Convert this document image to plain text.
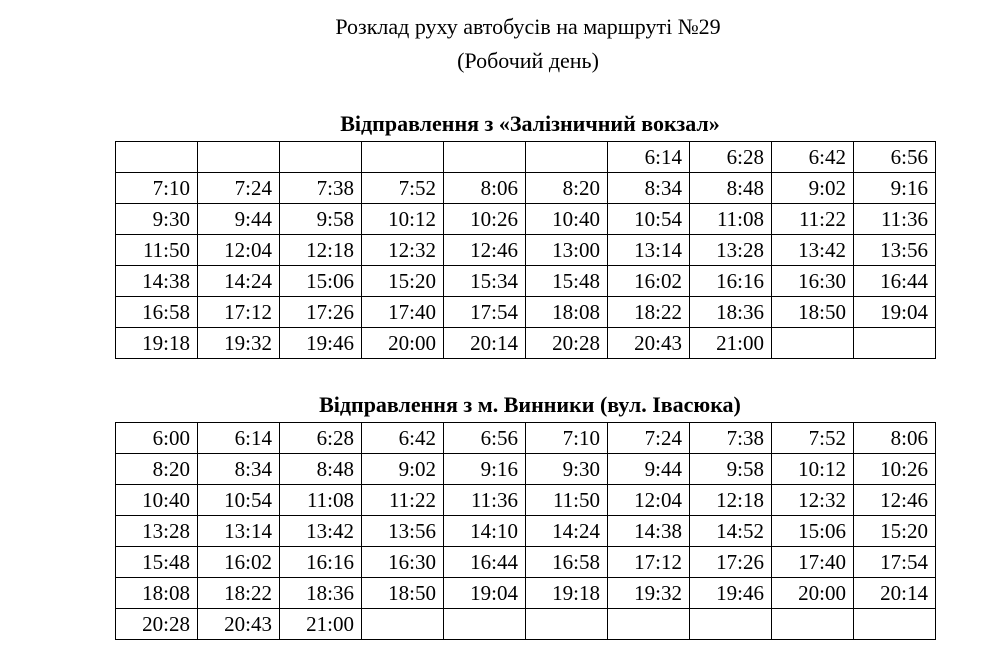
Розклад руху автобусів на маршруті №29
(Робочий день)
Відправлення з «Залізничний вокзал»
						6:14	6:28	6:42	6:56
7:10	7:24	7:38	7:52	8:06	8:20	8:34	8:48	9:02	9:16
9:30	9:44	9:58	10:12	10:26	10:40	10:54	11:08	11:22	11:36
11:50	12:04	12:18	12:32	12:46	13:00	13:14	13:28	13:42	13:56
14:38	14:24	15:06	15:20	15:34	15:48	16:02	16:16	16:30	16:44
16:58	17:12	17:26	17:40	17:54	18:08	18:22	18:36	18:50	19:04
19:18	19:32	19:46	20:00	20:14	20:28	20:43	21:00		
Відправлення з м. Винники (вул. Івасюка)
6:00	6:14	6:28	6:42	6:56	7:10	7:24	7:38	7:52	8:06
8:20	8:34	8:48	9:02	9:16	9:30	9:44	9:58	10:12	10:26
10:40	10:54	11:08	11:22	11:36	11:50	12:04	12:18	12:32	12:46
13:28	13:14	13:42	13:56	14:10	14:24	14:38	14:52	15:06	15:20
15:48	16:02	16:16	16:30	16:44	16:58	17:12	17:26	17:40	17:54
18:08	18:22	18:36	18:50	19:04	19:18	19:32	19:46	20:00	20:14
20:28	20:43	21:00							
